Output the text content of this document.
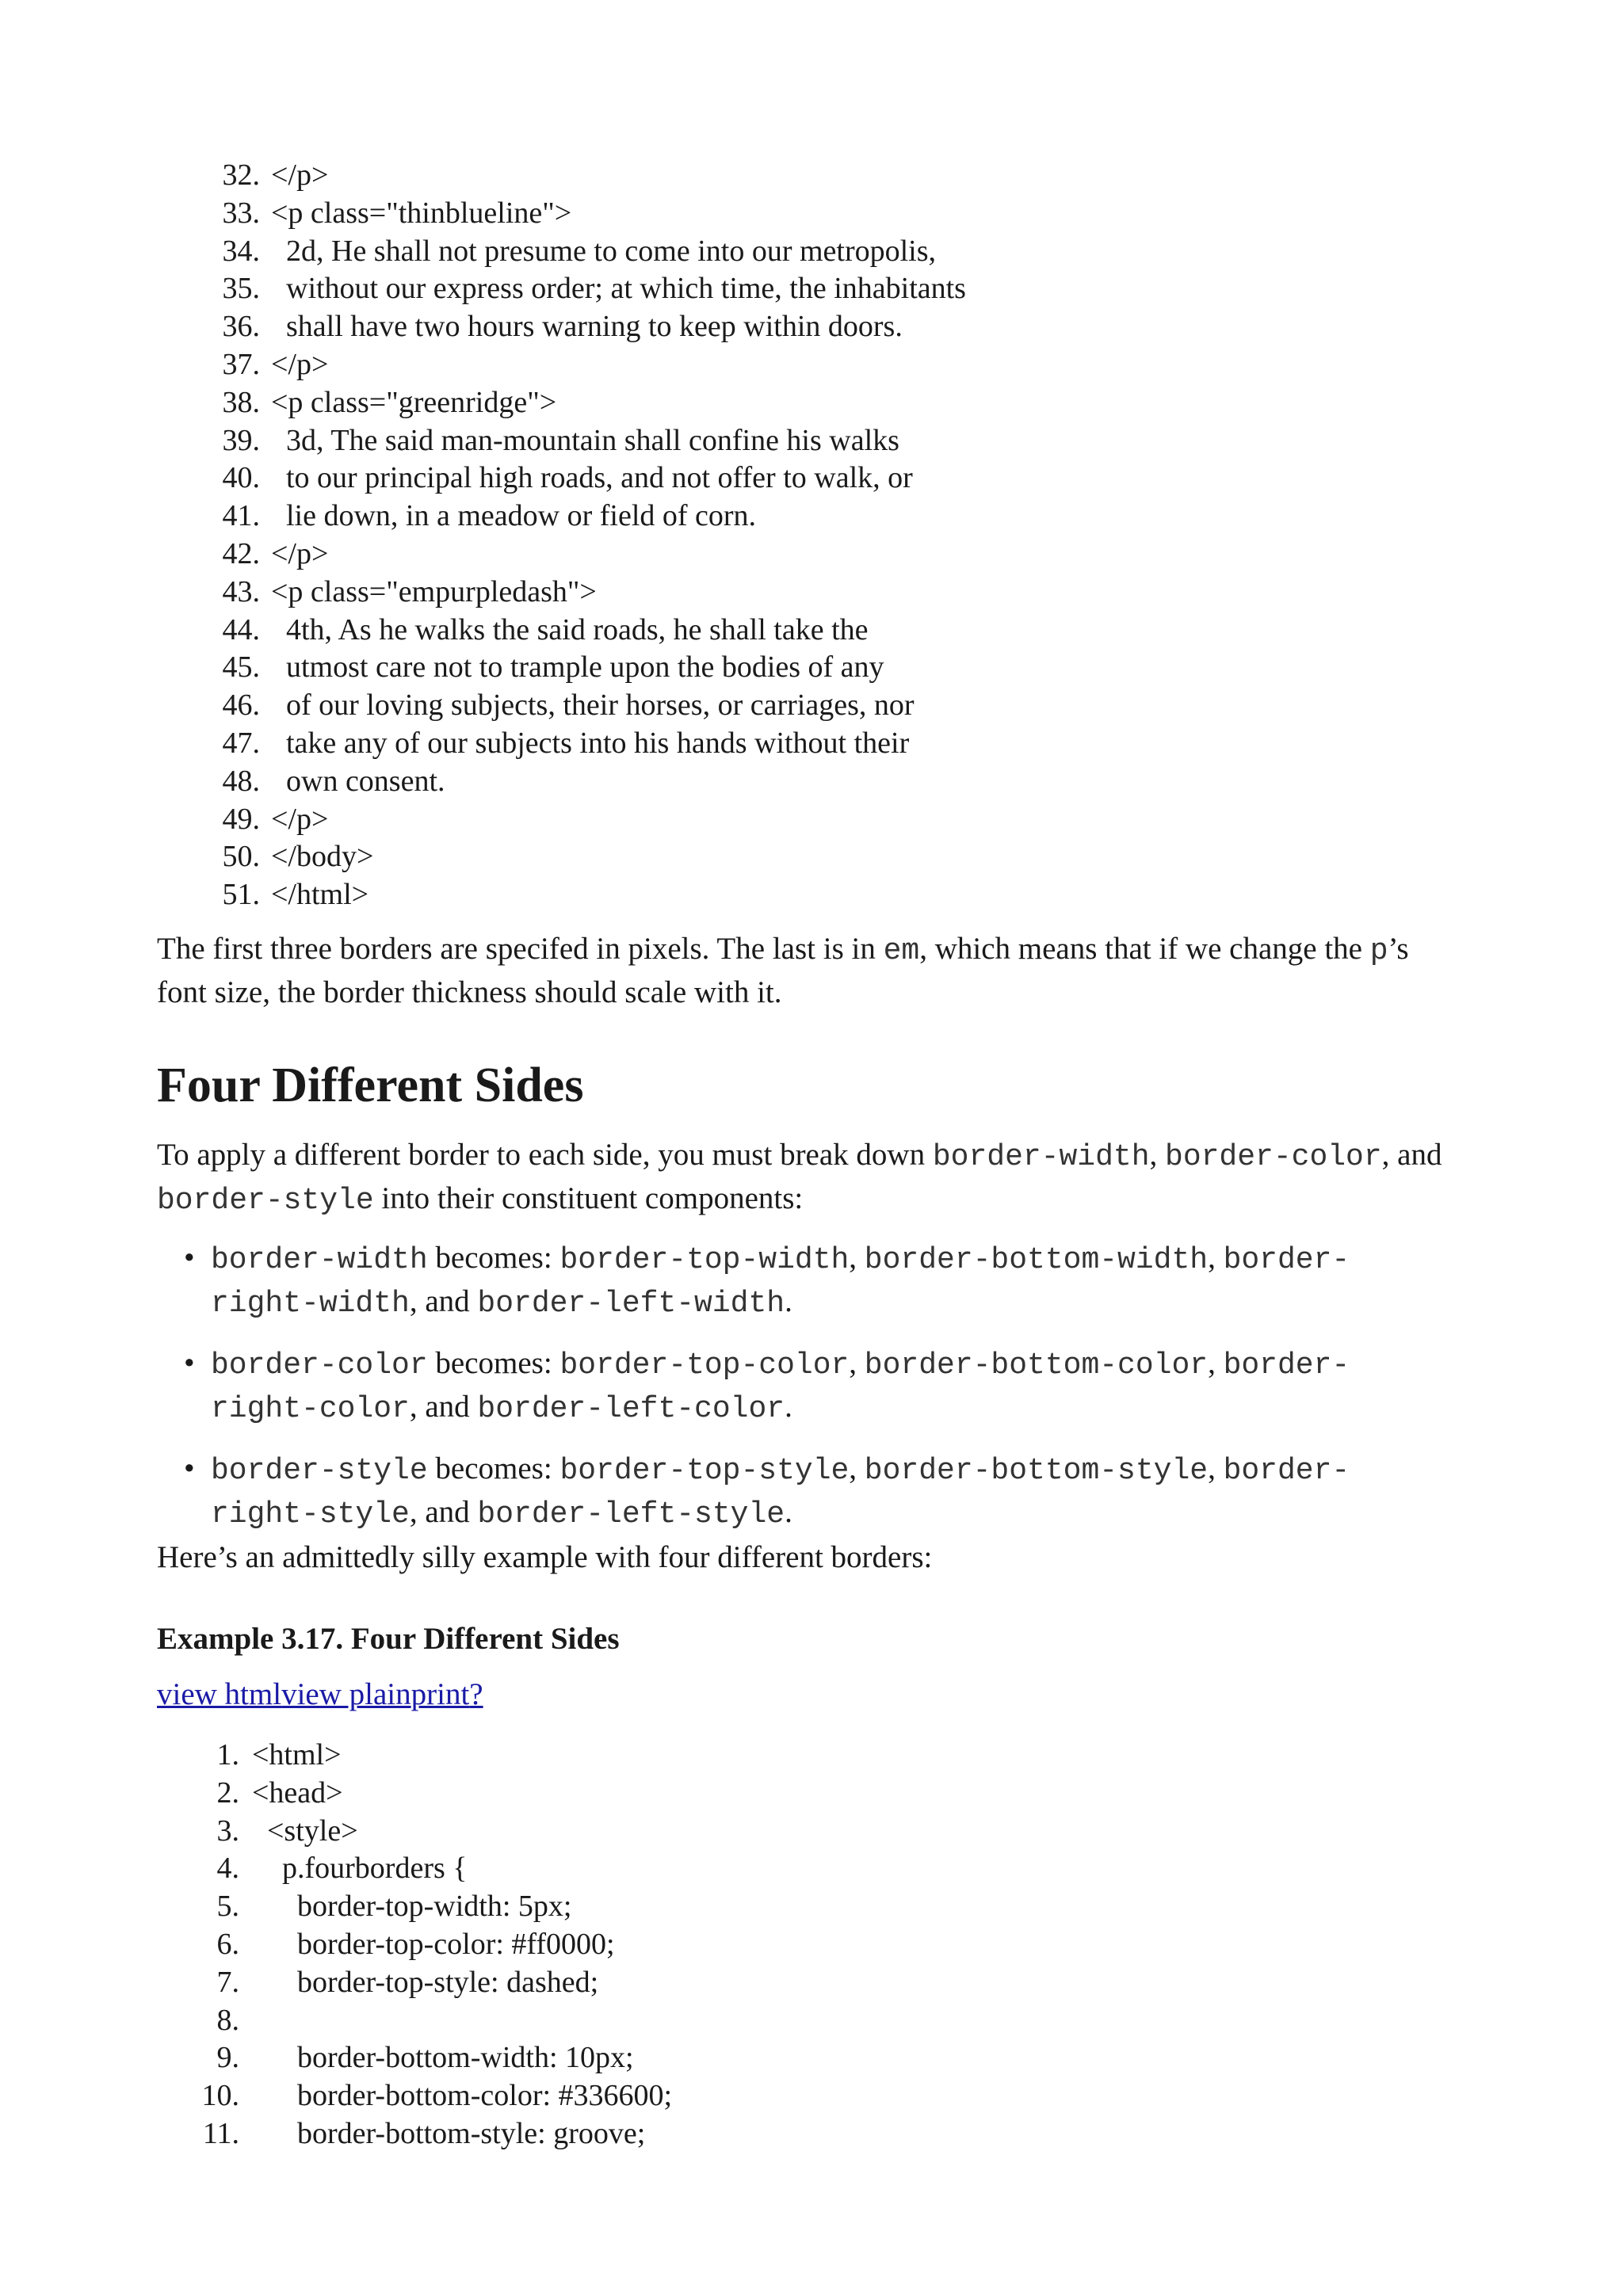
32. </p>
33. <p class="thinblueline">
34. 2d, He shall not presume to come into our metropolis,
35. without our express order; at which time, the inhabitants
36. shall have two hours warning to keep within doors.
37. </p>
38. <p class="greenridge">
39. 3d, The said man-mountain shall confine his walks
40. to our principal high roads, and not offer to walk, or
41. lie down, in a meadow or field of corn.
42. </p>
43. <p class="empurpledash">
44. 4th, As he walks the said roads, he shall take the
45. utmost care not to trample upon the bodies of any
46. of our loving subjects, their horses, or carriages, nor
47. take any of our subjects into his hands without their
48. own consent.
49. </p>
50. </body>
51. </html>

The first three borders are specifed in pixels. The last is in em, which means that if we change the p’s font size, the border thickness should scale with it.

Four Different Sides

To apply a different border to each side, you must break down border-width, border-color, and border-style into their constituent components:

• border-width becomes: border-top-width, border-bottom-width, border-right-width, and border-left-width.
• border-color becomes: border-top-color, border-bottom-color, border-right-color, and border-left-color.
• border-style becomes: border-top-style, border-bottom-style, border-right-style, and border-left-style.

Here’s an admittedly silly example with four different borders:

Example 3.17. Four Different Sides

view htmlview plainprint?
1. <html>
2. <head>
3. <style>
4. p.fourborders {
5. border-top-width: 5px;
6. border-top-color: #ff0000;
7. border-top-style: dashed;
8.
9. border-bottom-width: 10px;
10. border-bottom-color: #336600;
11. border-bottom-style: groove;
